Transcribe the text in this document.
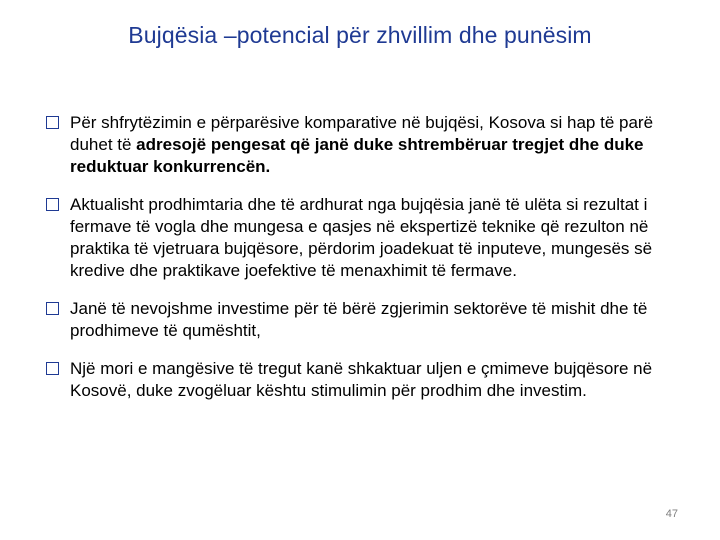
Bujqësia –potencial për zhvillim dhe punësim
Për shfrytëzimin e përparësive komparative në bujqësi, Kosova si hap të parë duhet të adresojë pengesat që janë duke shtrembëruar tregjet dhe duke reduktuar konkurrencën.
Aktualisht prodhimtaria dhe të ardhurat nga bujqësia janë të ulëta si rezultat i fermave të vogla dhe mungesa e qasjes në ekspertizë teknike që rezulton në praktika të vjetruara bujqësore, përdorim joadekuat të inputeve, mungesës së kredive dhe praktikave joefektive të menaxhimit të fermave.
Janë të nevojshme investime për të bërë zgjerimin sektorëve të mishit dhe të prodhimeve të qumështit,
Një mori e mangësive të tregut kanë shkaktuar uljen e çmimeve bujqësore në Kosovë, duke zvogëluar kështu stimulimin për prodhim dhe investim.
47
